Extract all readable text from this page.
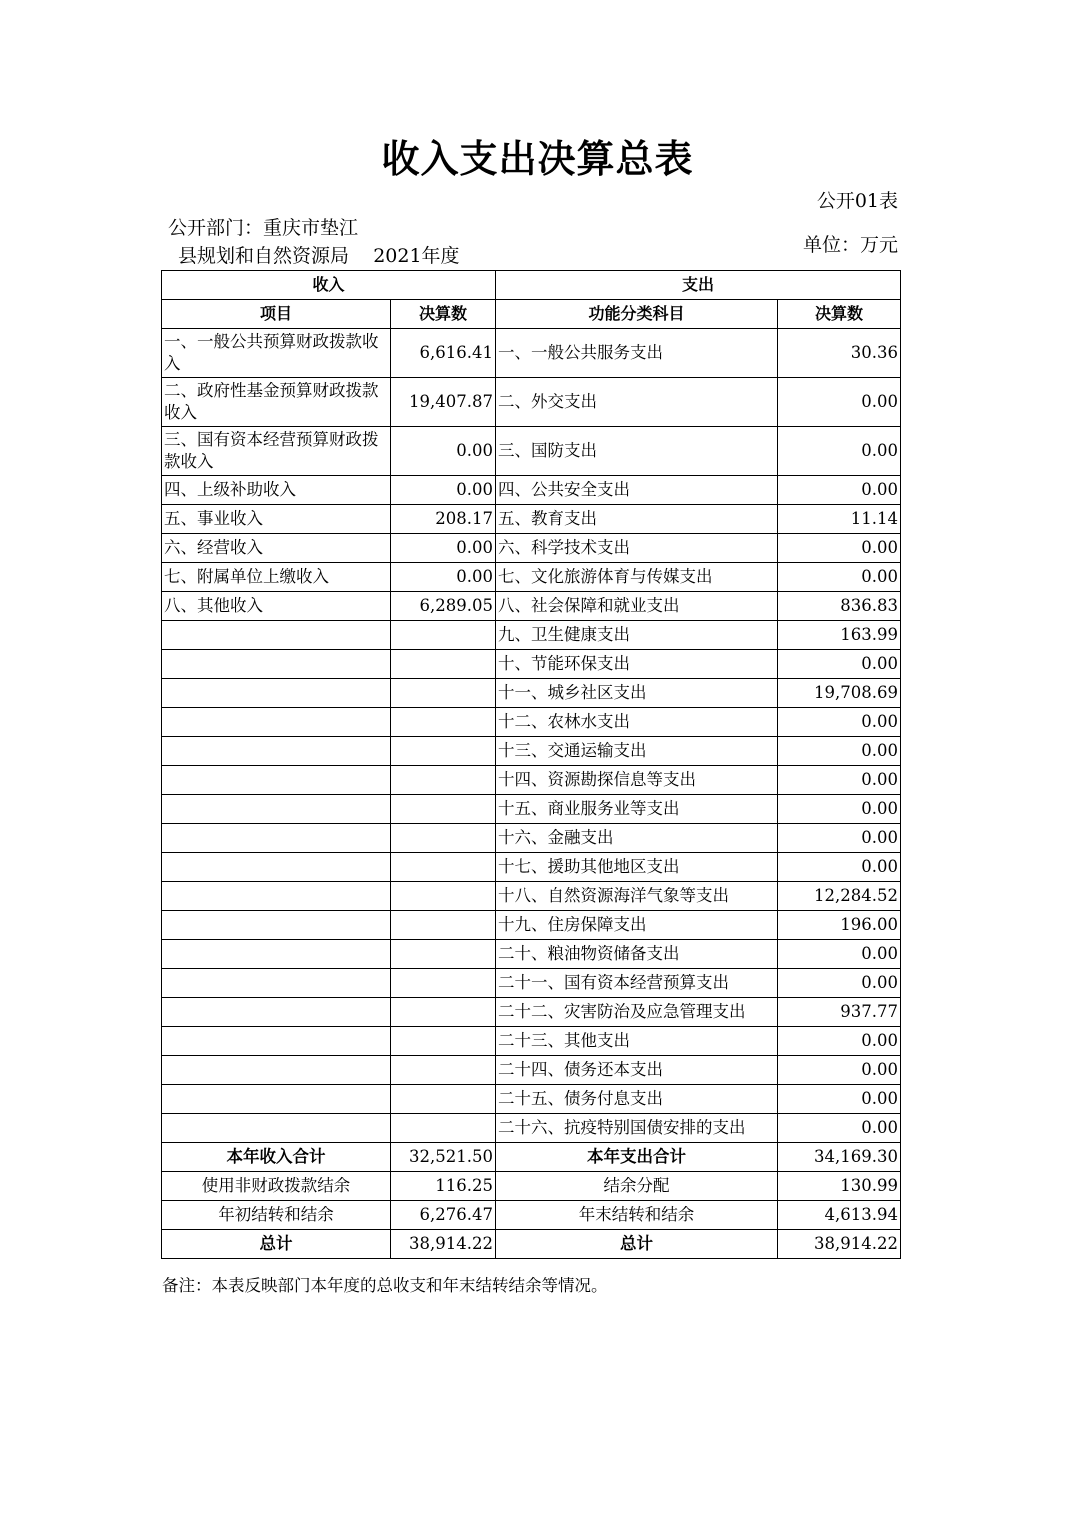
收入支出决算总表
公开01表
公开部门：重庆市垫江
县规划和自然资源局 2021年度	单位：万元
收入		支出	
项目	决算数	功能分类科目	决算数
一、一般公共预算财政拨款收入	6,616.41	一、一般公共服务支出	30.36
二、政府性基金预算财政拨款收入	19,407.87	二、外交支出	0.00
三、国有资本经营预算财政拨款收入	0.00	三、国防支出	0.00
四、上级补助收入	0.00	四、公共安全支出	0.00
五、事业收入	208.17	五、教育支出	11.14
六、经营收入	0.00	六、科学技术支出	0.00
七、附属单位上缴收入	0.00	七、文化旅游体育与传媒支出	0.00
八、其他收入	6,289.05	八、社会保障和就业支出	836.83
		九、卫生健康支出	163.99
		十、节能环保支出	0.00
		十一、城乡社区支出	19,708.69
		十二、农林水支出	0.00
		十三、交通运输支出	0.00
		十四、资源勘探信息等支出	0.00
		十五、商业服务业等支出	0.00
		十六、金融支出	0.00
		十七、援助其他地区支出	0.00
		十八、自然资源海洋气象等支出	12,284.52
		十九、住房保障支出	196.00
		二十、粮油物资储备支出	0.00
		二十一、国有资本经营预算支出	0.00
		二十二、灾害防治及应急管理支出	937.77
		二十三、其他支出	0.00
		二十四、债务还本支出	0.00
		二十五、债务付息支出	0.00
		二十六、抗疫特别国债安排的支出	0.00
本年收入合计	32,521.50	本年支出合计	34,169.30
使用非财政拨款结余	116.25	结余分配	130.99
年初结转和结余	6,276.47	年末结转和结余	4,613.94
总计	38,914.22	总计	38,914.22
备注：本表反映部门本年度的总收支和年末结转结余等情况。
